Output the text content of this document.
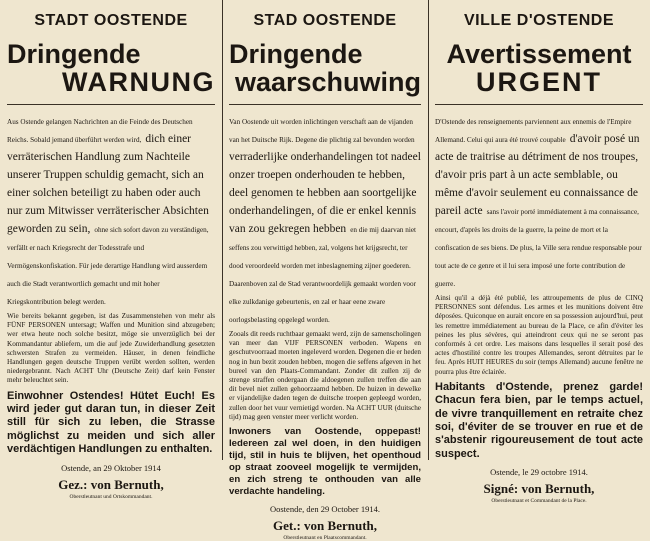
STADT OOSTENDE
Dringende
WARNUNG
Aus Ostende gelangen Nachrichten an die Feinde des Deutschen Reichs. Sobald jemand überführt werden wird, dich einer verräterischen Handlung zum Nachteile unserer Truppen schuldig gemacht, sich an einer solchen beteiligt zu haben oder auch nur zum Mitwisser verräterischer Absichten geworden zu sein, ohne sich sofort davon zu verständigen, verfällt er nach Kriegsrecht der Todesstrafe und Vermögenskonfiskation. Für jede derartige Handlung wird ausserdem auch die Stadt verantwortlich gemacht und mit hoher Kriegskontribution belegt werden.
Wie bereits bekannt gegeben, ist das Zusammenstehen von mehr als FÜNF PERSONEN untersagt; Waffen und Munition sind abzugeben; wer etwa heute noch solche besitzt, möge sie unverzüglich bei der Kommandantur abliefern, um die auf jede Zuwiderhandlung gesetzten schwersten Strafen zu vermeiden. Häuser, in denen feindliche Handlungen gegen deutsche Truppen verübt werden sollten, werden niedergebrannt. Nach ACHT Uhr (Deutsche Zeit) darf kein Fenster mehr beleuchtet sein.
Einwohner Ostendes! Hütet Euch! Es wird jeder gut daran tun, in dieser Zeit still für sich zu leben, die Strasse möglichst zu meiden und sich aller verdächtigen Handlungen zu enthalten.
Ostende, an 29 Oktober 1914
Gez.: von Bernuth,
Oberstleutnant und Ortskommandant.
STAD OOSTENDE
Dringende
waarschuwing
Van Oostende uit worden inlichtingen verschaft aan de vijanden van het Duitsche Rijk. Degene die plichtig zal bevonden worden verraderlijke onderhandelingen tot nadeel onzer troepen onderhouden te hebben, deel genomen te hebben aan soortgelijke onderhandelingen, of die er enkel kennis van zou gekregen hebben en die mij daarvan niet seffens zou verwittigd hebben, zal, volgens het krijgsrecht, ter dood veroordeeld worden met inbeslagneming zijner goederen. Daarenboven zal de Stad verantwoordelijk gemaakt worden voor elke zulkdanige gebeurtenis, en zal er haar eene zware oorlogsbelasting opgelegd worden.
Zooals dit reeds ruchtbaar gemaakt werd, zijn de samenscholingen van meer dan VIJF PERSONEN verboden. Wapens en geschutvoorraad moeten ingeleverd worden. Degenen die er heden nog in hun bezit zouden hebben, mogen die seffens afgeven in het bureel van den Plaats-Commandant. Zonder dit zullen zij de strenge straffen ondergaan die aldoegenen zullen treffen die aan dit bevel niet zullen gehoorzaamd hebben. De huizen in dewelke er vijandelijke daden tegen de duitsche troepen gepleegd worden, zullen door het vuur vernietigd worden. Na ACHT UUR (duitsche tijd) mag geen venster meer verlicht worden.
Inwoners van Oostende, oppepast! Iedereen zal wel doen, in den huidigen tijd, stil in huis te blijven, het openthoud op straat zooveel mogelijk te vermijden, en zich streng te onthouden van alle verdachte handeling.
Oostende, den 29 October 1914.
Get.: von Bernuth,
Oberstleutnant en Plaatscommandant.
VILLE D'OSTENDE
Avertissement
URGENT
D'Ostende des renseignements parviennent aux ennemis de l'Empire Allemand. Celui qui aura été trouvé coupable d'avoir posé un acte de traitrise au détriment de nos troupes, d'avoir pris part à un acte semblable, ou même d'avoir seulement eu connaissance de pareil acte sans l'avoir porté immédiatement à ma connaissance, encourt, d'après les droits de la guerre, la peine de mort et la confiscation de ses biens. De plus, la Ville sera rendue responsable pour tout acte de ce genre et il lui sera imposé une forte contribution de guerre.
Ainsi qu'il a déjà été publié, les attroupements de plus de CINQ PERSONNES sont défendus. Les armes et les munitions doivent être déposées. Quiconque en aurait encore en sa possession aujourd'hui, peut les remettre immédiatement au bureau de la Place, ce afin d'éviter les peines les plus sévères, qui atteindront ceux qui ne se seront pas conformés à cet ordre. Les maisons dans lesquelles il serait posé des actes d'hostilité contre les troupes Allemandes, seront détruites par le feu. Après HUIT HEURES du soir (temps Allemand) aucune fenêtre ne pourra plus être éclairée.
Habitants d'Ostende, prenez garde! Chacun fera bien, par le temps actuel, de vivre tranquillement en retraite chez soi, d'éviter de se trouver en rue et de s'abstenir rigoureusement de tout acte suspect.
Ostende, le 29 octobre 1914.
Signé: von Bernuth,
Oberstleutnant et Commandant de la Place.
